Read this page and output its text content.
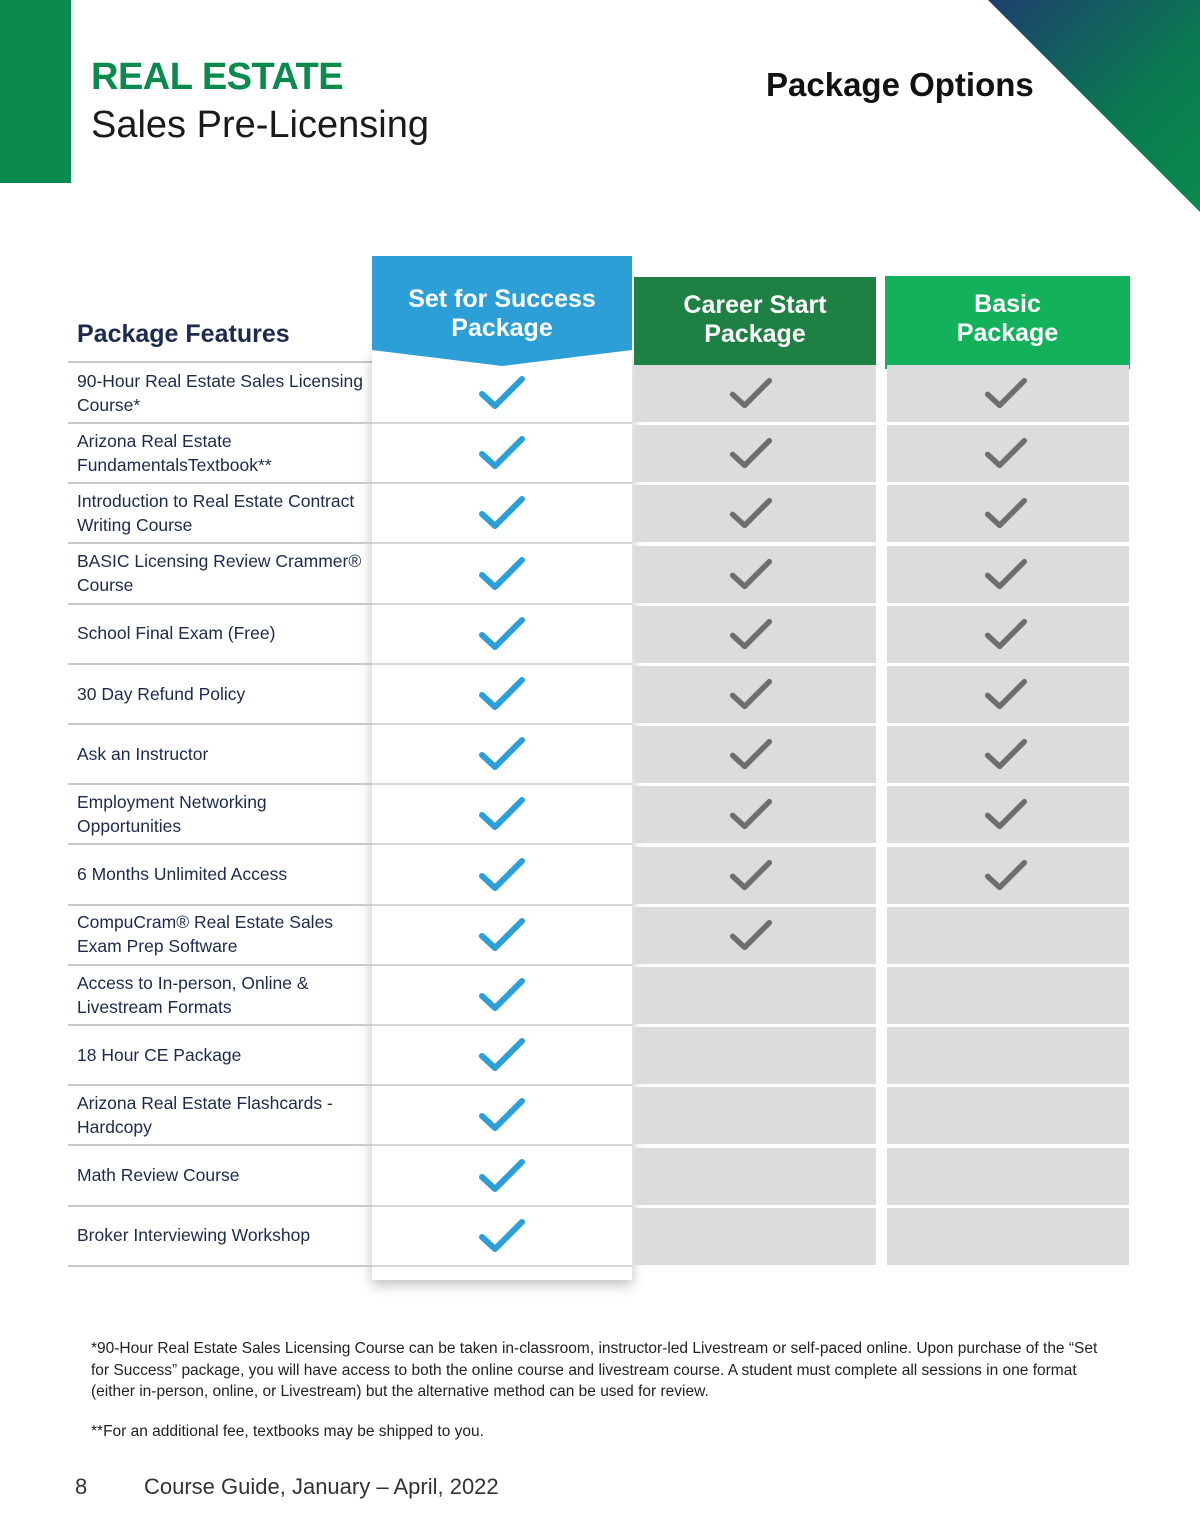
REAL ESTATE
Sales Pre-Licensing
Package Options
Package Features
Set for Success
Package
Career Start
Package
Basic
Package
90-Hour Real Estate Sales Licensing Course*
Arizona Real Estate FundamentalsTextbook**
Introduction to Real Estate Contract Writing Course
BASIC Licensing Review Crammer® Course
School Final Exam (Free)
30 Day Refund Policy
Ask an Instructor
Employment Networking Opportunities
6 Months Unlimited Access
CompuCram® Real Estate Sales Exam Prep Software
Access to In-person, Online & Livestream Formats
18 Hour CE Package
Arizona Real Estate Flashcards - Hardcopy
Math Review Course
Broker Interviewing Workshop
*90-Hour Real Estate Sales Licensing Course can be taken in-classroom, instructor-led Livestream or self-paced online. Upon purchase of the “Set for Success” package, you will have access to both the online course and livestream course. A student must complete all sessions in one format (either in-person, online, or Livestream) but the alternative method can be used for review.
**For an additional fee, textbooks may be shipped to you.
8	Course Guide, January – April, 2022
